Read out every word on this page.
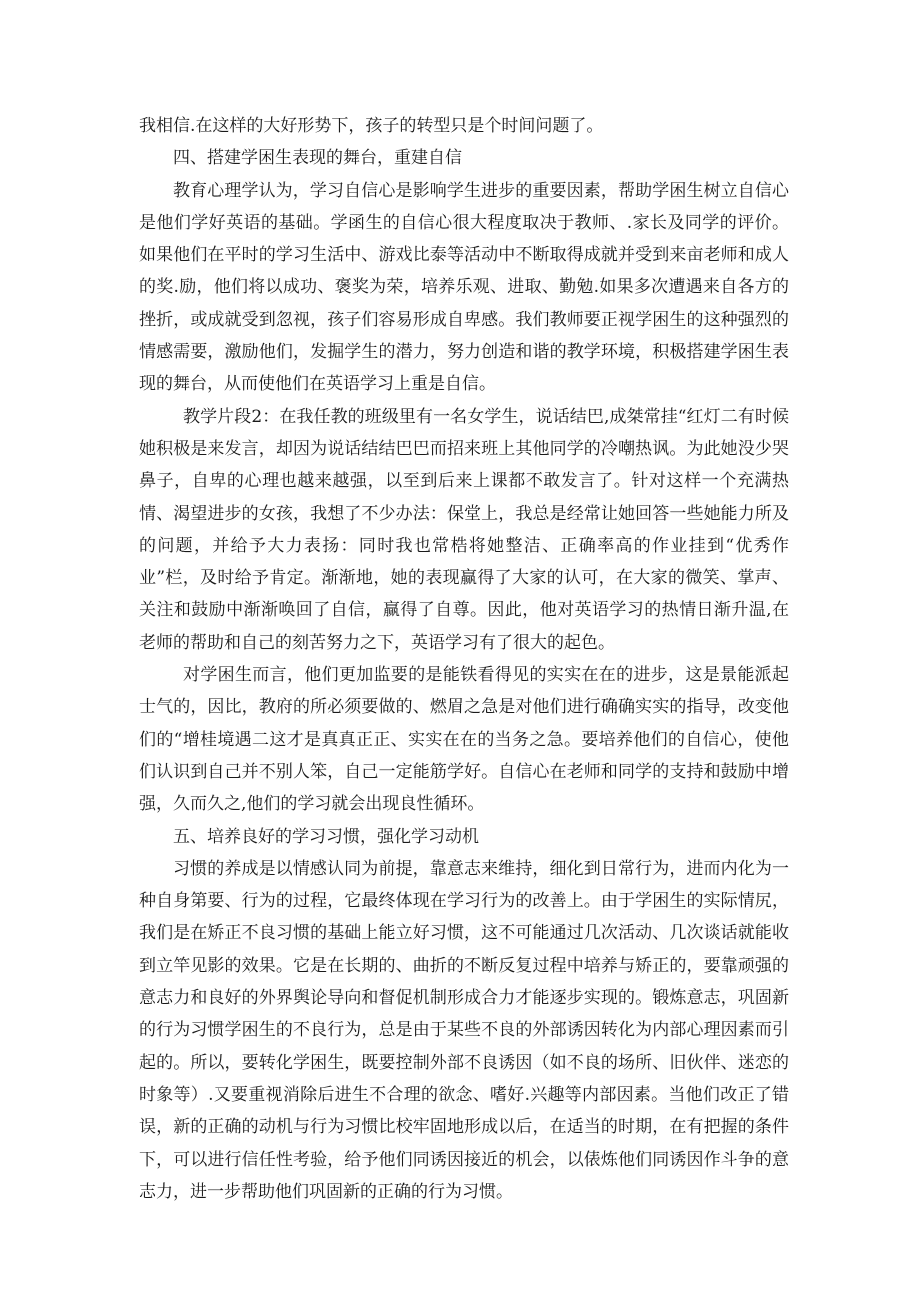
我相信.在这样的大好形势下，孩子的转型只是个时间问题了。

四、搭建学困生表现的舞台，重建自信

教育心理学认为，学习自信心是影响学生进步的重要因素，帮助学困生树立自信心是他们学好英语的基础。学函生的自信心很大程度取决于教师、.家长及同学的评价。如果他们在平时的学习生活中、游戏比泰等活动中不断取得成就并受到来亩老师和成人的奖.励，他们将以成功、褒奖为荣，培养乐观、进取、勤勉.如果多次遭遇来自各方的挫折，或成就受到忽视，孩子们容易形成自卑感。我们教师要正视学困生的这种强烈的情感需要，激励他们，发掘学生的潜力，努力创造和谐的教学环境，积极搭建学困生表现的舞台，从而使他们在英语学习上重是自信。

教学片段2：在我任教的班级里有一名女学生，说话结巴,成桀常挂“红灯二有时候她积极是来发言，却因为说话结结巴巴而招来班上其他同学的冷嘲热讽。为此她没少哭鼻子，自卑的心理也越来越强，以至到后来上课都不敢发言了。针对这样一个充满热情、渴望进步的女孩，我想了不少办法：保堂上，我总是经常让她回答一些她能力所及的问题，并给予大力表扬：同时我也常梏将她整洁、正确率高的作业挂到“优秀作业”栏，及时给予肯定。渐渐地，她的表现赢得了大家的认可，在大家的微笑、掌声、关注和鼓励中渐渐唤回了自信，赢得了自尊。因此，他对英语学习的热情日渐升温,在老师的帮助和自己的刻苦努力之下，英语学习有了很大的起色。

对学困生而言，他们更加监要的是能铁看得见的实实在在的进步，这是景能派起士气的，因比，教府的所必须要做的、燃眉之急是对他们进行确确实实的指导，改变他们的“增桂境遇二这才是真真正正、实实在在的当务之急。要培养他们的自信心，使他们认识到自己并不别人笨，自己一定能筋学好。自信心在老师和同学的支持和鼓励中增强，久而久之,他们的学习就会出现良性循环。

五、培养良好的学习习惯，强化学习动机

习惯的养成是以情感认同为前提，靠意志来维持，细化到日常行为，进而内化为一种自身第要、行为的过程，它最终体现在学习行为的改善上。由于学困生的实际情尻，我们是在矫正不良习惯的基础上能立好习惯，这不可能通过几次活动、几次谈话就能收到立竿见影的效果。它是在长期的、曲折的不断反复过程中培养与矫正的，要靠顽强的意志力和良好的外界舆论导向和督促机制形成合力才能逐步实现的。锻炼意志，巩固新的行为习惯学困生的不良行为，总是由于某些不良的外部诱因转化为内部心理因素而引起的。所以，要转化学困生，既要控制外部不良诱因（如不良的场所、旧伙伴、迷恋的时象等）.又要重视消除后进生不合理的欲念、嗜好.兴趣等内部因素。当他们改正了错误，新的正确的动机与行为习惯比校牢固地形成以后，在适当的时期，在有把握的条件下，可以进行信任性考验，给予他们同诱因接近的机会，以俵炼他们同诱因作斗争的意志力，进一步帮助他们巩固新的正确的行为习惯。
